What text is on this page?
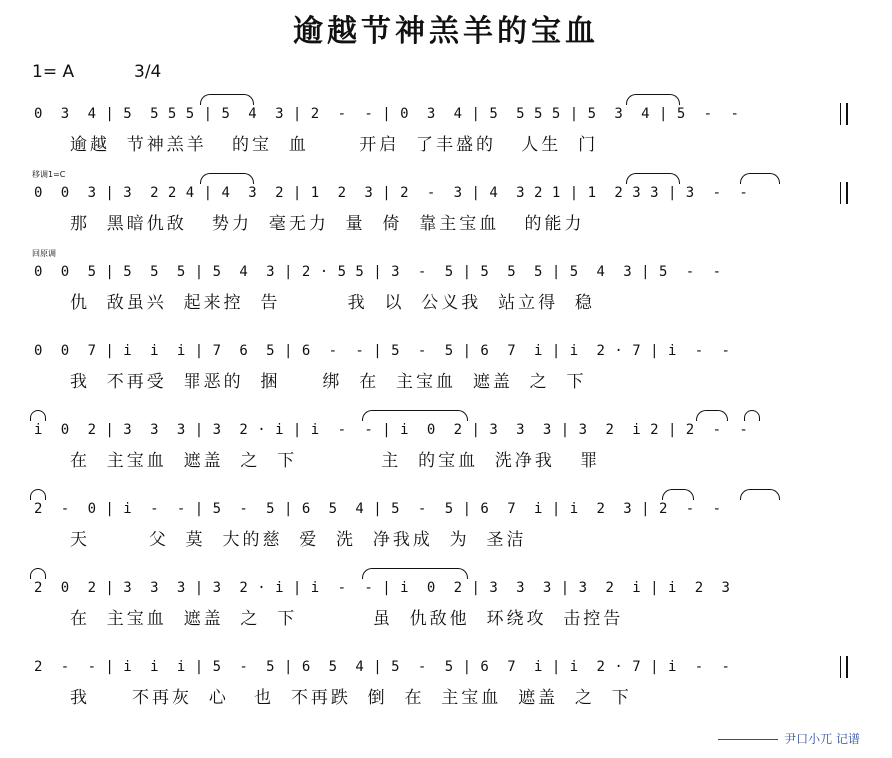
逾越节神羔羊的宝血
1= A	3/4
0  3  4 | 5  5 5 5 | 5  4  3 | 2  -  - | 0  3  4 | 5  5 5 5 | 5  3  4 | 5  -  -
逾越  节神羔羊   的宝  血      开启  了丰盛的   人生  门
移调1=C
0  0  3 | 3  2 2 4 | 4  3  2 | 1  2  3 | 2  -  3 | 4  3 2 1 | 1  2 3 3 | 3  -  -
那  黑暗仇敌   势力  毫无力  量  倚  靠主宝血   的能力
回原调
0  0  5 | 5  5  5 | 5  4  3 | 2 · 5 5 | 3  -  5 | 5  5  5 | 5  4  3 | 5  -  -
仇  敌虽兴  起来控  告        我  以  公义我  站立得  稳
0  0  7 | i  i  i | 7  6  5 | 6  -  - | 5  -  5 | 6  7  i | i  2 · 7 | i  -  -
我  不再受  罪恶的  捆     绑  在  主宝血  遮盖  之  下
i  0  2 | 3  3  3 | 3  2 · i | i  -  - | i  0  2 | 3  3  3 | 3  2  i 2 | 2  -  -
在  主宝血  遮盖  之  下          主  的宝血  洗净我   罪
2  -  0 | i  -  - | 5  -  5 | 6  5  4 | 5  -  5 | 6  7  i | i  2  3 | 2  -  -
天       父  莫  大的慈  爱  洗  净我成  为  圣洁
2  0  2 | 3  3  3 | 3  2 · i | i  -  - | i  0  2 | 3  3  3 | 3  2  i | i  2  3
在  主宝血  遮盖  之  下         虽  仇敌他  环绕攻  击控告
2  -  - | i  i  i | 5  -  5 | 6  5  4 | 5  -  5 | 6  7  i | i  2 · 7 | i  -  -
我     不再灰  心   也  不再跌  倒  在  主宝血  遮盖  之  下
尹口小兀 记谱
